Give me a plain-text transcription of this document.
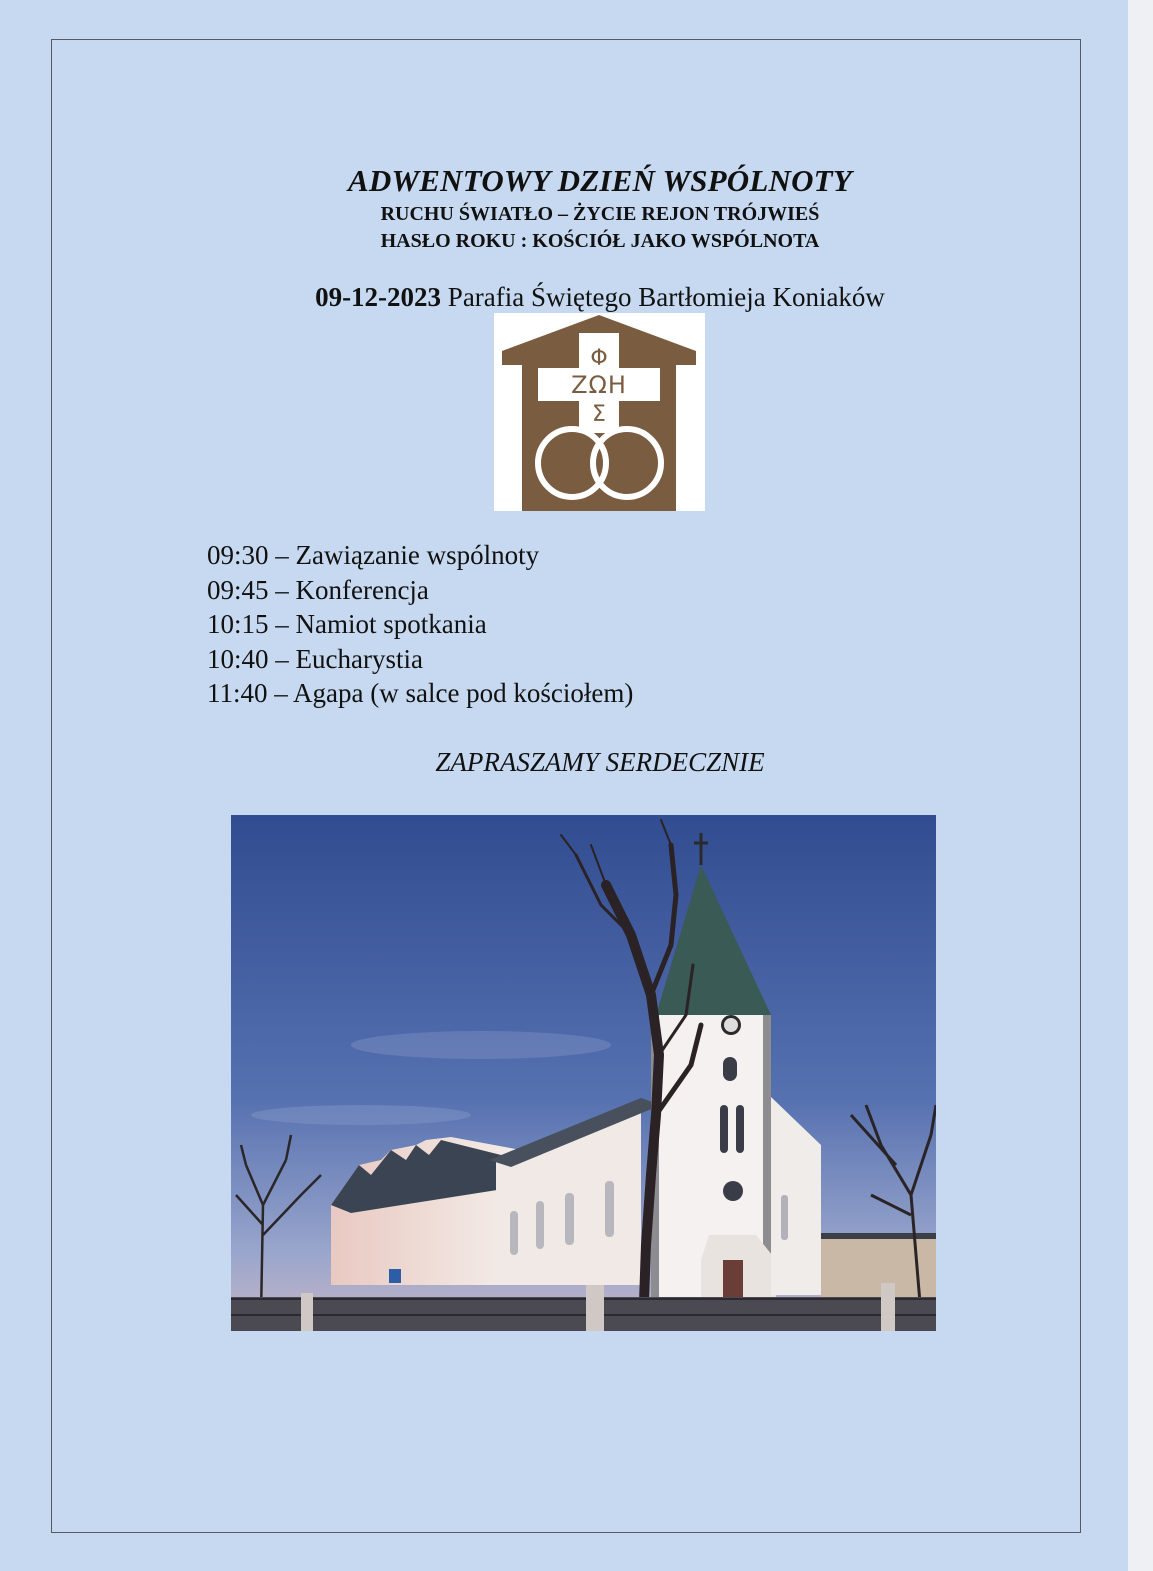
ADWENTOWY DZIEŃ WSPÓLNOTY
RUCHU ŚWIATŁO – ŻYCIE REJON TRÓJWIEŚ
HASŁO ROKU : KOŚCIÓŁ JAKO WSPÓLNOTA
09-12-2023 Parafia Świętego Bartłomieja Koniaków
Φ
ΖΩΗ
Σ
09:30 – Zawiązanie wspólnoty
09:45 – Konferencja
10:15 – Namiot spotkania
10:40 – Eucharystia
11:40 – Agapa (w salce pod kościołem)
ZAPRASZAMY SERDECZNIE
